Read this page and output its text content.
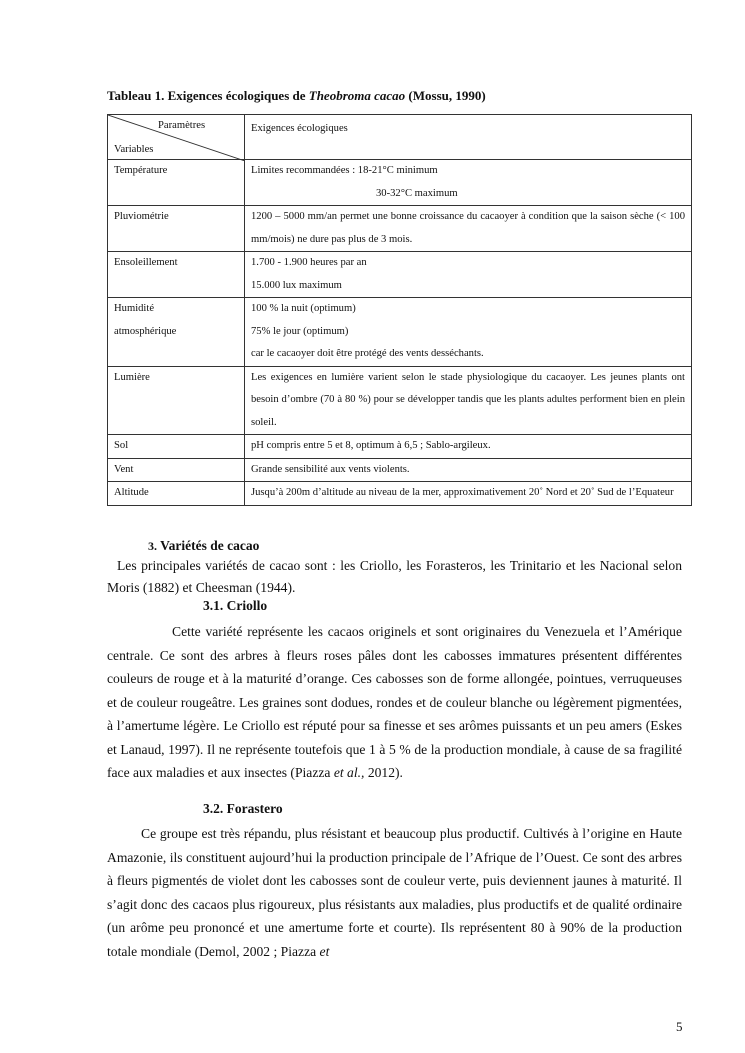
Tableau 1. Exigences écologiques de Theobroma cacao (Mossu, 1990)
Paramètres
Variables	Exigences écologiques
Température	Limites recommandées : 18-21°C minimum

30-32°C maximum

Pluviométrie	1200 – 5000 mm/an permet une bonne croissance du cacaoyer à condition que la saison sèche (< 100 mm/mois) ne dure pas plus de 3 mois.
Ensoleillement	1.700 - 1.900 heures par an
15.000 lux maximum
Humidité
atmosphérique	100 % la nuit (optimum)
75% le jour (optimum)
car le cacaoyer doit être protégé des vents desséchants.
Lumière	Les exigences en lumière varient selon le stade physiologique du cacaoyer. Les jeunes plants ont besoin d’ombre (70 à 80 %) pour se développer tandis que les plants adultes performent bien en plein soleil.
Sol	pH compris entre 5 et 8, optimum à 6,5 ; Sablo-argileux.
Vent	Grande sensibilité aux vents violents.
Altitude	Jusqu’à 200m d’altitude au niveau de la mer, approximativement 20˚ Nord et 20˚ Sud de l’Equateur
3. Variétés de cacao
Les principales variétés de cacao sont : les Criollo, les Forasteros, les Trinitario et les Nacional selon Moris (1882) et Cheesman (1944).
3.1. Criollo
Cette variété représente les cacaos originels et sont originaires du Venezuela et l’Amérique centrale. Ce sont des arbres à fleurs roses pâles dont les cabosses immatures présentent différentes couleurs de rouge et à la maturité d’orange. Ces cabosses son de forme allongée, pointues, verruqueuses et de couleur rougeâtre. Les graines sont dodues, rondes et de couleur blanche ou légèrement pigmentées, à l’amertume légère. Le Criollo est réputé pour sa finesse et ses arômes puissants et un peu amers (Eskes et Lanaud, 1997). Il ne représente toutefois que 1 à 5 % de la production mondiale, à cause de sa fragilité face aux maladies et aux insectes (Piazza et al., 2012).
3.2. Forastero
Ce groupe est très répandu, plus résistant et beaucoup plus productif. Cultivés à l’origine en Haute Amazonie, ils constituent aujourd’hui la production principale de l’Afrique de l’Ouest. Ce sont des arbres à fleurs pigmentés de violet dont les cabosses sont de couleur verte, puis deviennent jaunes à maturité. Il s’agit donc des cacaos plus rigoureux, plus résistants aux maladies, plus productifs et de qualité ordinaire (un arôme peu prononcé et une amertume forte et courte). Ils représentent 80 à 90% de la production totale mondiale (Demol, 2002 ; Piazza et
5
